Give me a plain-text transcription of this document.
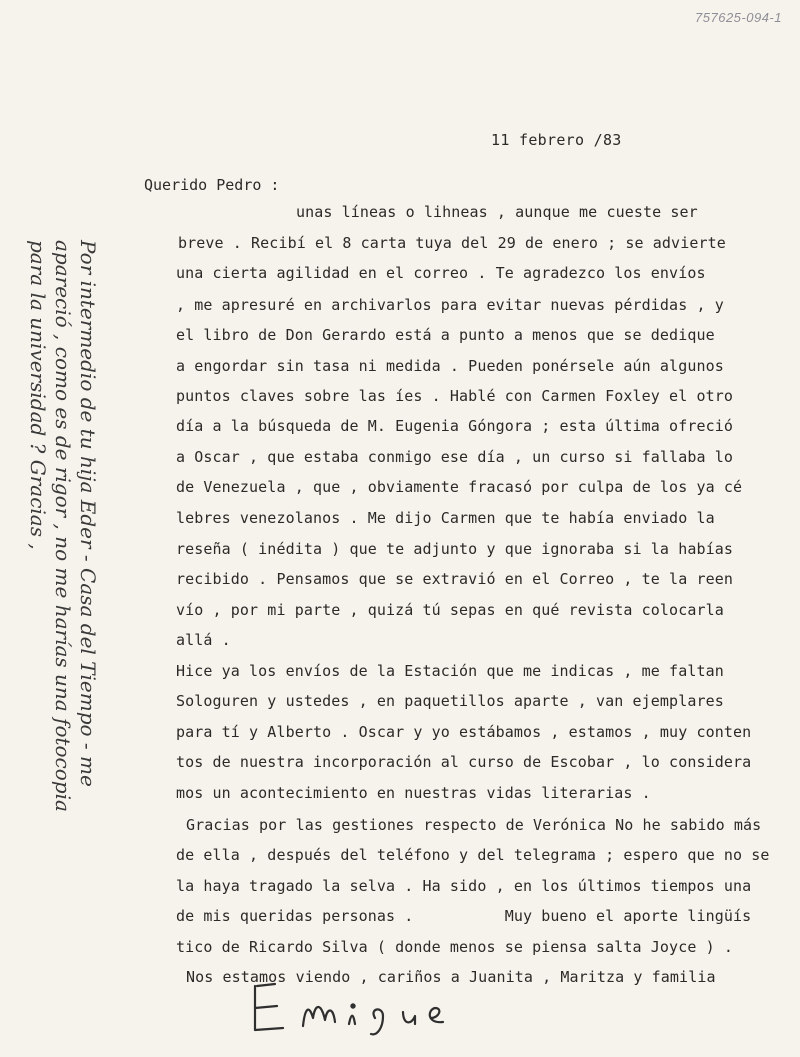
757625-094-1
11 febrero /83
Querido Pedro :
unas líneas o lihneas , aunque me cueste ser
breve . Recibí el 8 carta tuya del 29 de enero ; se advierte
una cierta agilidad en el correo . Te agradezco los envíos
, me apresuré en archivarlos para evitar nuevas pérdidas , y
el libro de Don Gerardo está a punto a menos que se dedique
a engordar sin tasa ni medida . Pueden ponérsele aún algunos
puntos claves sobre las íes . Hablé con Carmen Foxley el otro
día a la búsqueda de M. Eugenia Góngora ; esta última ofreció
a Oscar , que estaba conmigo ese día , un curso si fallaba lo
de Venezuela , que , obviamente fracasó por culpa de los ya cé
lebres venezolanos . Me dijo Carmen que te había enviado la
reseña ( inédita ) que te adjunto y que ignoraba si la habías
recibido . Pensamos que se extravió en el Correo , te la reen
vío , por mi parte , quizá tú sepas en qué revista colocarla
allá .
Hice ya los envíos de la Estación que me indicas , me faltan
Sologuren y ustedes , en paquetillos aparte , van ejemplares
para tí y Alberto . Oscar y yo estábamos , estamos , muy conten
tos de nuestra incorporación al curso de Escobar , lo considera
mos un acontecimiento en nuestras vidas literarias .
Gracias por las gestiones respecto de Verónica No he sabido más
de ella , después del teléfono y del telegrama ; espero que no se
la haya tragado la selva . Ha sido , en los últimos tiempos una
de mis queridas personas .          Muy bueno el aporte lingüís
tico de Ricardo Silva ( donde menos se piensa salta Joyce ) .
Nos estamos viendo , cariños a Juanita , Maritza y familia
Por intermedio de tu hija Eder - Casa del Tiempo - me
apareció , como es de rigor , no me harías una fotocopia
para la universidad ? Gracias ,
